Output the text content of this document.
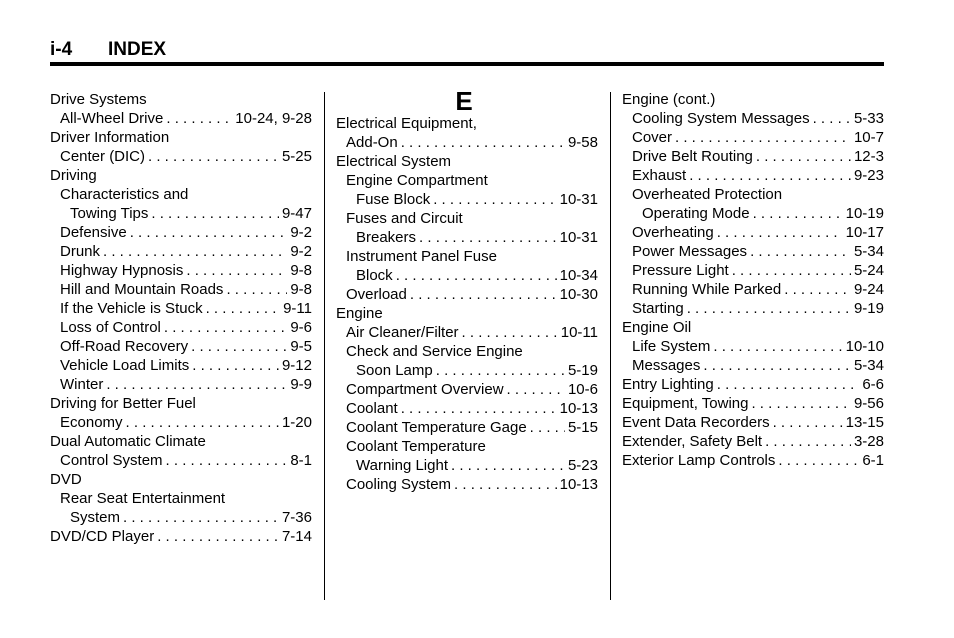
i-4 INDEX
Drive Systems
All-Wheel Drive . . .	10-24, 9-28
Driver Information
Center (DIC) . . .	5-25
Driving
Characteristics and
Towing Tips . . .	9-47
Defensive . . .	9-2
Drunk . . .	9-2
Highway Hypnosis . . .	9-8
Hill and Mountain Roads . . .	9-8
If the Vehicle is Stuck . . .	9-11
Loss of Control . . .	9-6
Off-Road Recovery . . .	9-5
Vehicle Load Limits . . .	9-12
Winter . . .	9-9
Driving for Better Fuel
Economy . . .	1-20
Dual Automatic Climate
Control System . . .	8-1
DVD
Rear Seat Entertainment
System . . .	7-36
DVD/CD Player . . .	7-14
E
Electrical Equipment,
Add-On . . .	9-58
Electrical System
Engine Compartment
Fuse Block . . .	10-31
Fuses and Circuit
Breakers . . .	10-31
Instrument Panel Fuse
Block . . .	10-34
Overload . . .	10-30
Engine
Air Cleaner/Filter . . .	10-11
Check and Service Engine
Soon Lamp . . .	5-19
Compartment Overview . . .	10-6
Coolant . . .	10-13
Coolant Temperature Gage . . .	5-15
Coolant Temperature
Warning Light . . .	5-23
Cooling System . . .	10-13
Engine (cont.)
Cooling System Messages . . .	5-33
Cover . . .	10-7
Drive Belt Routing . . .	12-3
Exhaust . . .	9-23
Overheated Protection
Operating Mode . . .	10-19
Overheating . . .	10-17
Power Messages . . .	5-34
Pressure Light . . .	5-24
Running While Parked . . .	9-24
Starting . . .	9-19
Engine Oil
Life System . . .	10-10
Messages . . .	5-34
Entry Lighting . . .	6-6
Equipment, Towing . . .	9-56
Event Data Recorders . . .	13-15
Extender, Safety Belt . . .	3-28
Exterior Lamp Controls . . .	6-1
